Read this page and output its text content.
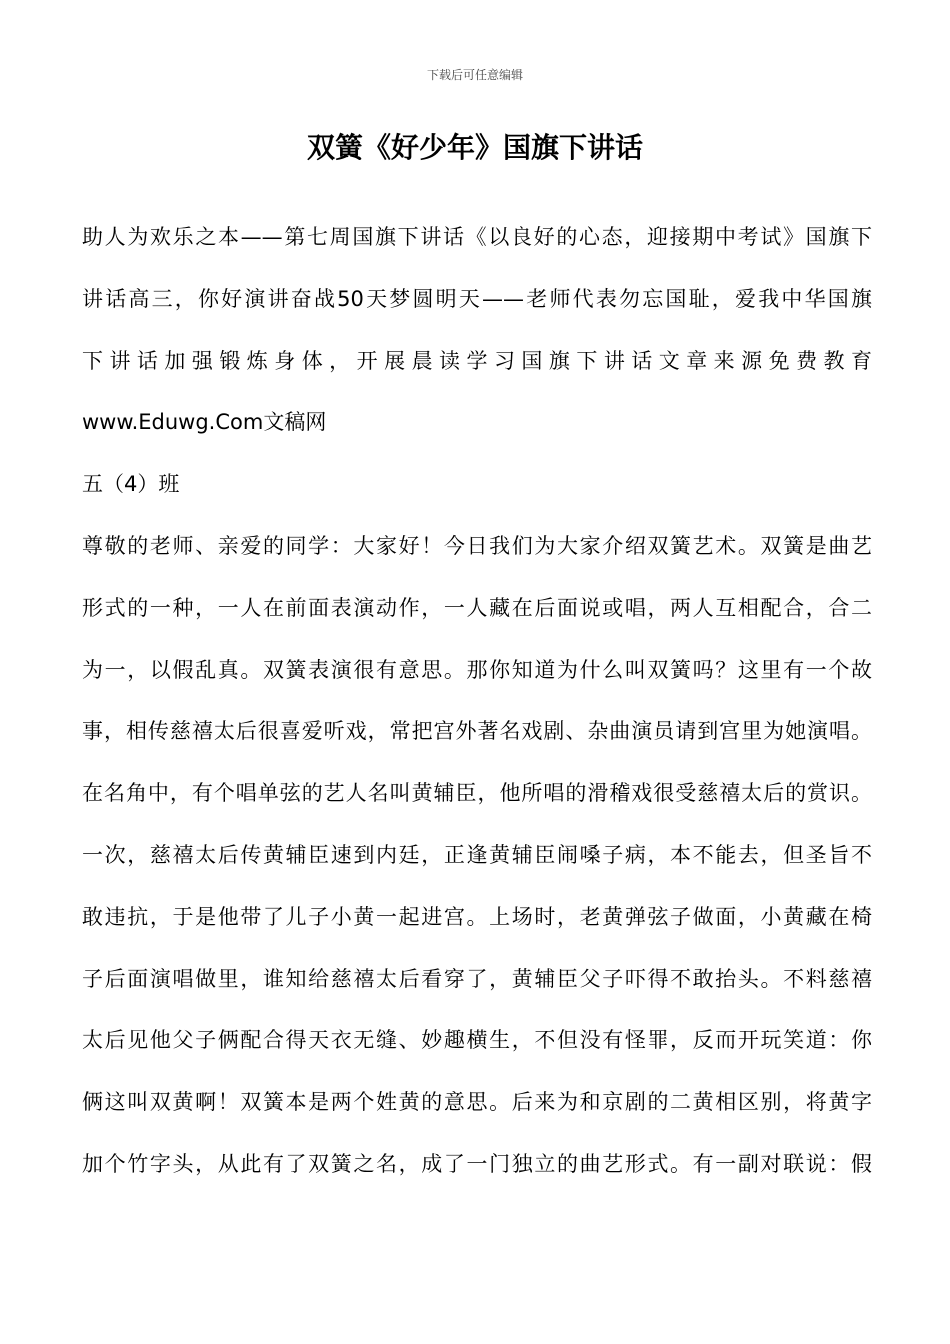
下载后可任意编辑
双簧《好少年》国旗下讲话
助人为欢乐之本——第七周国旗下讲话《以良好的心态，迎接期中考试》国旗下
讲话高三，你好演讲奋战50天梦圆明天——老师代表勿忘国耻，爱我中华国旗
下讲话加强锻炼身体，开展晨读学习国旗下讲话文章来源免费教育
www.Eduwg.Com文稿网
五（4）班
尊敬的老师、亲爱的同学：大家好！今日我们为大家介绍双簧艺术。双簧是曲艺
形式的一种，一人在前面表演动作，一人藏在后面说或唱，两人互相配合，合二
为一，以假乱真。双簧表演很有意思。那你知道为什么叫双簧吗？这里有一个故
事，相传慈禧太后很喜爱听戏，常把宫外著名戏剧、杂曲演员请到宫里为她演唱。
在名角中，有个唱单弦的艺人名叫黄辅臣，他所唱的滑稽戏很受慈禧太后的赏识。
一次，慈禧太后传黄辅臣速到内廷，正逢黄辅臣闹嗓子病，本不能去，但圣旨不
敢违抗，于是他带了儿子小黄一起进宫。上场时，老黄弹弦子做面，小黄藏在椅
子后面演唱做里，谁知给慈禧太后看穿了，黄辅臣父子吓得不敢抬头。不料慈禧
太后见他父子俩配合得天衣无缝、妙趣横生，不但没有怪罪，反而开玩笑道：你
俩这叫双黄啊！双簧本是两个姓黄的意思。后来为和京剧的二黄相区别，将黄字
加个竹字头，从此有了双簧之名，成了一门独立的曲艺形式。有一副对联说：假
